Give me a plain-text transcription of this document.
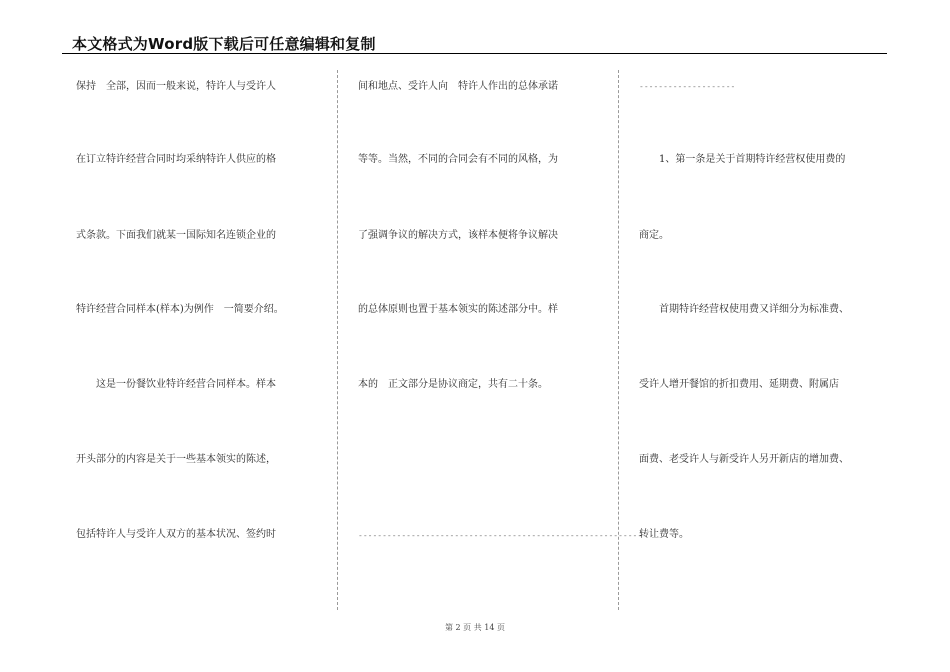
本文格式为Word版下载后可任意编辑和复制
保持　全部，因而一般来说，特许人与受许人
在订立特许经营合同时均采纳特许人供应的格
式条款。下面我们就某一国际知名连锁企业的
特许经营合同样本(样本)为例作　一简要介绍。
　　这是一份餐饮业特许经营合同样本。样本
开头部分的内容是关于一些基本领实的陈述，
包括特许人与受许人双方的基本状况、签约时
间和地点、受许人向　特许人作出的总体承诺
等等。当然，不同的合同会有不同的风格，为
了强调争议的解决方式，该样本便将争议解决
的总体原则也置于基本领实的陈述部分中。样
本的　正文部分是协议商定，共有二十条。
------------------------------------------------------------
--------------------
　　1、第一条是关于首期特许经营权使用费的
商定。
　　首期特许经营权使用费又详细分为标准费、
受许人增开餐馆的折扣费用、延期费、附属店
面费、老受许人与新受许人另开新店的增加费、
转让费等。
第 2 页 共 14 页
